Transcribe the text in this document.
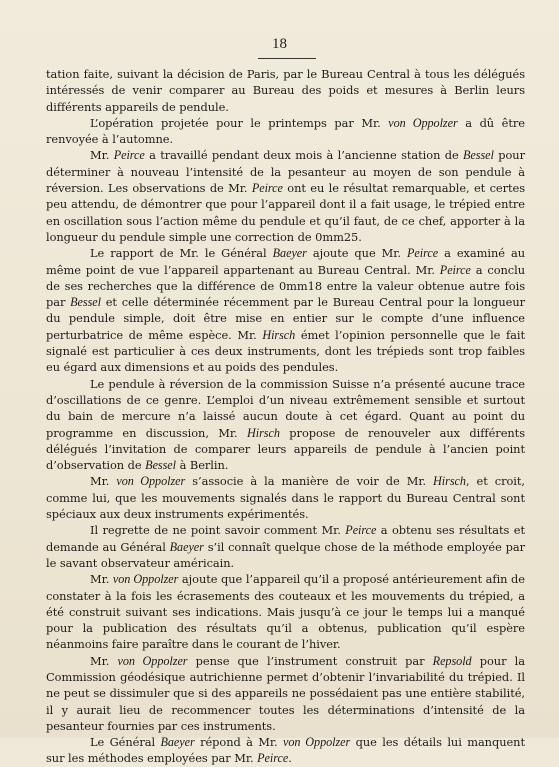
18

tation faite, suivant la décision de Paris, par le Bureau Central à tous les délégués intéressés de venir comparer au Bureau des poids et mesures à Berlin leurs différents appareils de pendule.

L’opération projetée pour le printemps par Mr. von Oppolzer a dû être renvoyée à l’automne.

Mr. Peirce a travaillé pendant deux mois à l’ancienne station de Bessel pour déterminer à nouveau l’intensité de la pesanteur au moyen de son pendule à réversion. Les observations de Mr. Peirce ont eu le résultat remarquable, et certes peu attendu, de démontrer que pour l’appareil dont il a fait usage, le trépied entre en oscillation sous l’action même du pendule et qu’il faut, de ce chef, apporter à la longueur du pendule simple une correction de 0mm25.

Le rapport de Mr. le Général Baeyer ajoute que Mr. Peirce a examiné au même point de vue l’appareil appartenant au Bureau Central. Mr. Peirce a conclu de ses recherches que la différence de 0mm18 entre la valeur obtenue autre fois par Bessel et celle déterminée récemment par le Bureau Central pour la longueur du pendule simple, doit être mise en entier sur le compte d’une influence perturbatrice de même espèce. Mr. Hirsch émet l’opinion personnelle que le fait signalé est particulier à ces deux instruments, dont les trépieds sont trop faibles eu égard aux dimensions et au poids des pendules.

Le pendule à réversion de la commission Suisse n’a présenté aucune trace d’oscillations de ce genre. L’emploi d’un niveau extrêmement sensible et surtout du bain de mercure n’a laissé aucun doute à cet égard. Quant au point du programme en discussion, Mr. Hirsch propose de renouveler aux différents délégués l’invitation de comparer leurs appareils de pendule à l’ancien point d’observation de Bessel à Berlin.

Mr. von Oppolzer s’associe à la manière de voir de Mr. Hirsch, et croit, comme lui, que les mouvements signalés dans le rapport du Bureau Central sont spéciaux aux deux instruments expérimentés.

Il regrette de ne point savoir comment Mr. Peirce a obtenu ses résultats et demande au Général Baeyer s’il connaît quelque chose de la méthode employée par le savant observateur américain.

Mr. von Oppolzer ajoute que l’appareil qu’il a proposé antérieurement afin de constater à la fois les écrasements des couteaux et les mouvements du trépied, a été construit suivant ses indications. Mais jusqu’à ce jour le temps lui a manqué pour la publication des résultats qu’il a obtenus, publication qu’il espère néanmoins faire paraître dans le courant de l’hiver.

Mr. von Oppolzer pense que l’instrument construit par Repsold pour la Commission géodésique autrichienne permet d’obtenir l’invariabilité du trépied. Il ne peut se dissimuler que si des appareils ne possédaient pas une entière stabilité, il y aurait lieu de recommencer toutes les déterminations d’intensité de la pesanteur fournies par ces instruments.

Le Général Baeyer répond à Mr. von Oppolzer que les détails lui manquent sur les méthodes employées par Mr. Peirce.
